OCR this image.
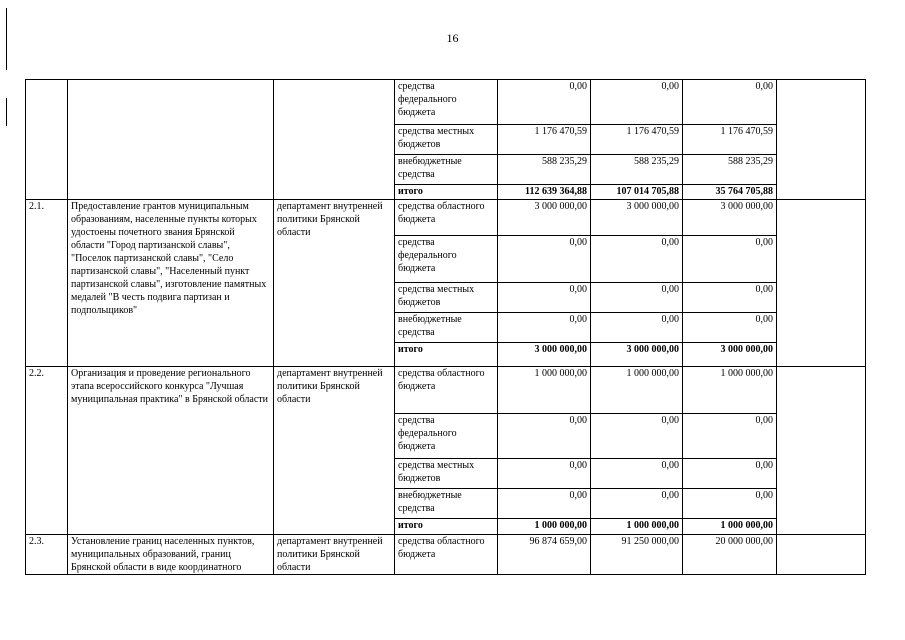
16
			средства федерального бюджета	0,00	0,00	0,00	
			средства местных бюджетов	1 176 470,59	1 176 470,59	1 176 470,59	
			внебюджетные средства	588 235,29	588 235,29	588 235,29	
			итого	112 639 364,88	107 014 705,88	35 764 705,88	
2.1.	Предоставление грантов муниципальным образованиям, населенные пункты которых удостоены почетного звания Брянской области "Город партизанской славы", "Поселок партизанской славы", "Село партизанской славы", "Населенный пункт партизанской славы", изготовление памятных медалей "В честь подвига партизан и подпольщиков"	департамент внутренней политики Брянской области	средства областного бюджета	3 000 000,00	3 000 000,00	3 000 000,00	
			средства федерального бюджета	0,00	0,00	0,00	
			средства местных бюджетов	0,00	0,00	0,00	
			внебюджетные средства	0,00	0,00	0,00	
			итого	3 000 000,00	3 000 000,00	3 000 000,00	
2.2.	Организация и проведение регионального этапа всероссийского конкурса "Лучшая муниципальная практика" в Брянской области	департамент внутренней политики Брянской области	средства областного бюджета	1 000 000,00	1 000 000,00	1 000 000,00	
			средства федерального бюджета	0,00	0,00	0,00	
			средства местных бюджетов	0,00	0,00	0,00	
			внебюджетные средства	0,00	0,00	0,00	
			итого	1 000 000,00	1 000 000,00	1 000 000,00	
2.3.	Установление границ населенных пунктов, муниципальных образований, границ Брянской области в виде координатного	департамент внутренней политики Брянской области	средства областного бюджета	96 874 659,00	91 250 000,00	20 000 000,00	
